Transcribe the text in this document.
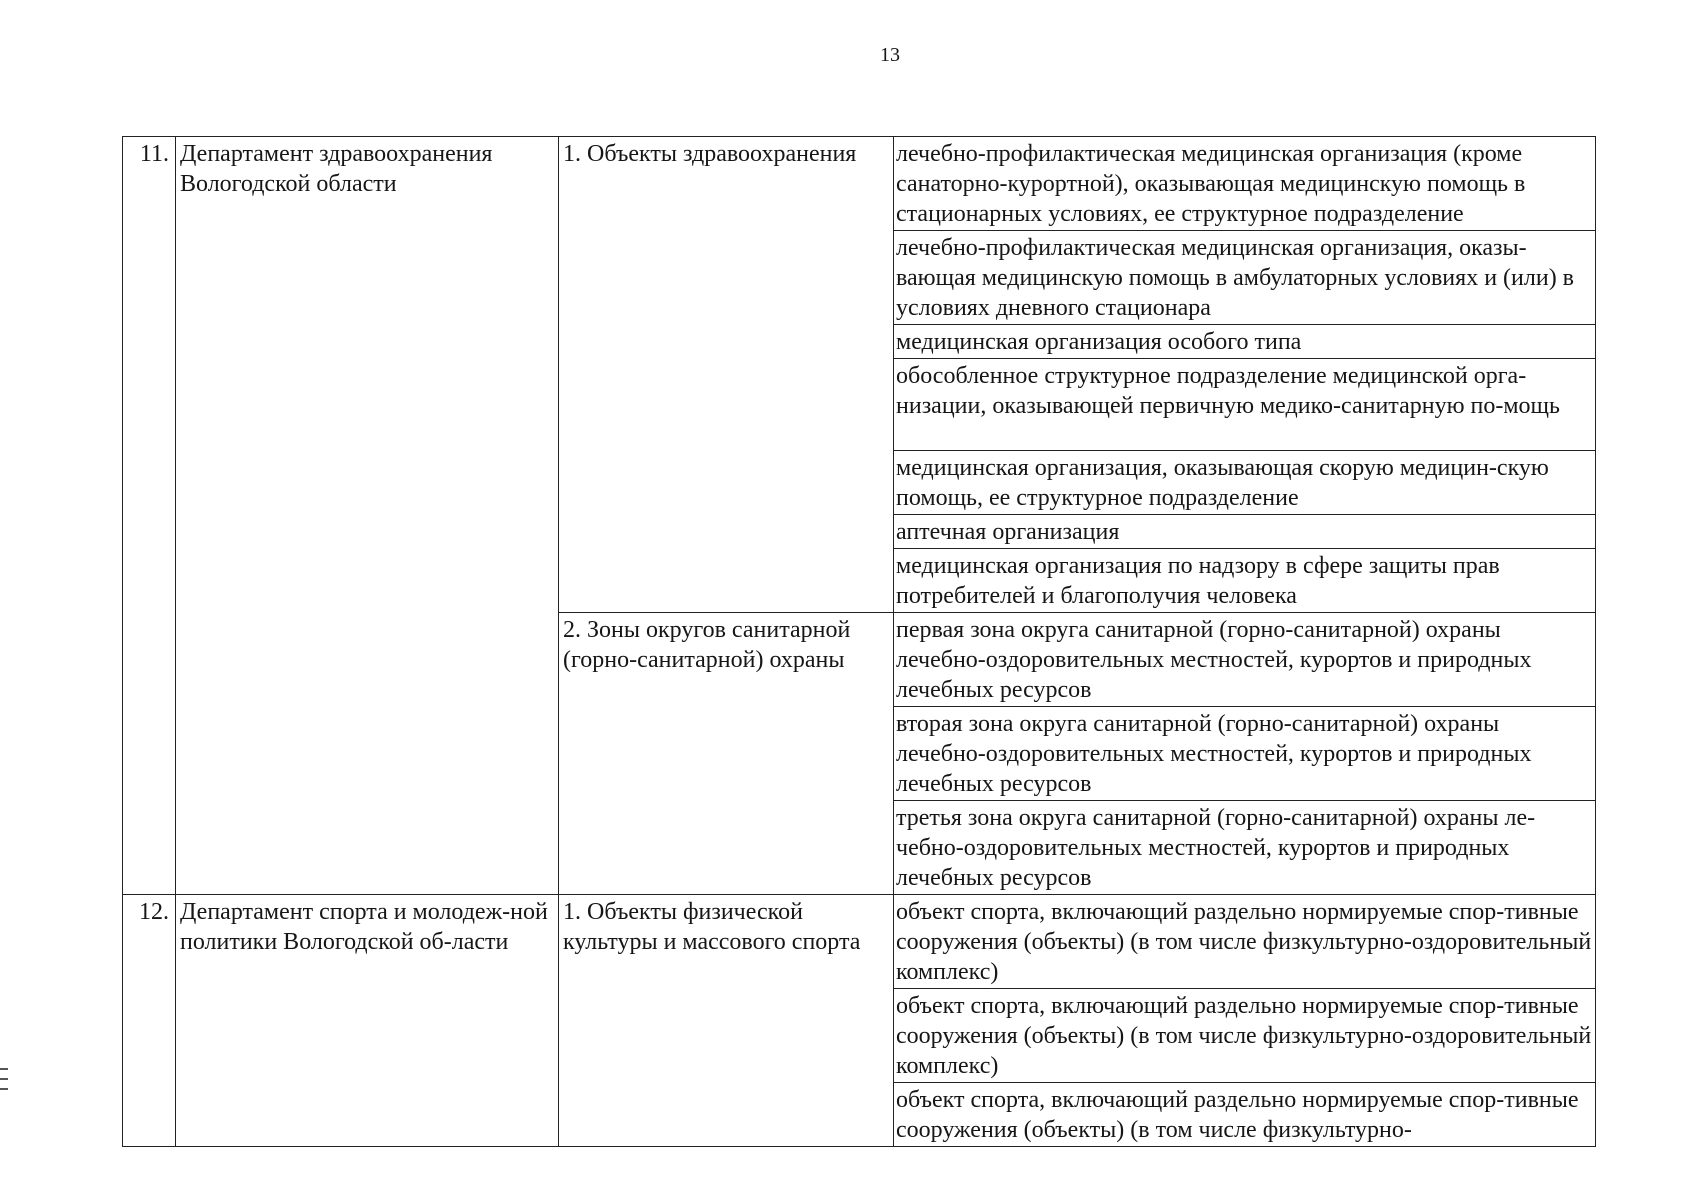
13
11.	Департамент здравоохранения Вологодской области	1. Объекты здравоохранения	лечебно-профилактическая медицинская организация (кроме санаторно-курортной), оказывающая медицинскую помощь в стационарных условиях, ее структурное подразделение
			лечебно-профилактическая медицинская организация, оказы-вающая медицинскую помощь в амбулаторных условиях и (или) в условиях дневного стационара
			медицинская организация особого типа
			обособленное структурное подразделение медицинской орга-низации, оказывающей первичную медико-санитарную по-мощь
			медицинская организация, оказывающая скорую медицин-скую помощь, ее структурное подразделение
			аптечная организация
			медицинская организация по надзору в сфере защиты прав потребителей и благополучия человека
		2. Зоны округов санитарной (горно-санитарной) охраны	первая зона округа санитарной (горно-санитарной) охраны лечебно-оздоровительных местностей, курортов и природных лечебных ресурсов
			вторая зона округа санитарной (горно-санитарной) охраны лечебно-оздоровительных местностей, курортов и природных лечебных ресурсов
			третья зона округа санитарной (горно-санитарной) охраны ле-чебно-оздоровительных местностей, курортов и природных лечебных ресурсов
12.	Департамент спорта и молодеж-ной политики Вологодской об-ласти	1. Объекты физической культуры и массового спорта	объект спорта, включающий раздельно нормируемые спор-тивные сооружения (объекты) (в том числе физкультурно-оздоровительный комплекс)
			объект спорта, включающий раздельно нормируемые спор-тивные сооружения (объекты) (в том числе физкультурно-оздоровительный комплекс)
			объект спорта, включающий раздельно нормируемые спор-тивные сооружения (объекты) (в том числе физкультурно-
